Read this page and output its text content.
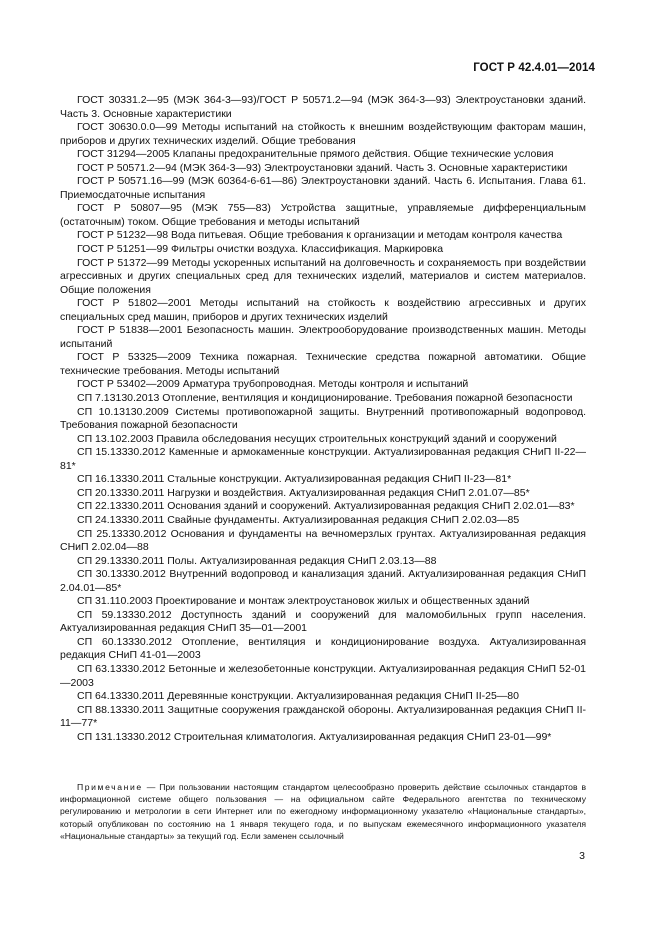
ГОСТ Р 42.4.01—2014

ГОСТ 30331.2—95 (МЭК 364-3—93)/ГОСТ Р 50571.2—94 (МЭК 364-3—93) Электроустановки зданий. Часть 3. Основные характеристики

ГОСТ 30630.0.0—99 Методы испытаний на стойкость к внешним воздействующим факторам машин, приборов и других технических изделий. Общие требования

ГОСТ 31294—2005 Клапаны предохранительные прямого действия. Общие технические условия

ГОСТ Р 50571.2—94 (МЭК 364-3—93) Электроустановки зданий. Часть 3. Основные характеристики

ГОСТ Р 50571.16—99 (МЭК 60364-6-61—86) Электроустановки зданий. Часть 6. Испытания. Глава 61. Приемосдаточные испытания

ГОСТ Р 50807—95 (МЭК 755—83) Устройства защитные, управляемые дифференциальным (остаточным) током. Общие требования и методы испытаний

ГОСТ Р 51232—98 Вода питьевая. Общие требования к организации и методам контроля качества

ГОСТ Р 51251—99 Фильтры очистки воздуха. Классификация. Маркировка

ГОСТ Р 51372—99 Методы ускоренных испытаний на долговечность и сохраняемость при воздействии агрессивных и других специальных сред для технических изделий, материалов и систем материалов. Общие положения

ГОСТ Р 51802—2001 Методы испытаний на стойкость к воздействию агрессивных и других специальных сред машин, приборов и других технических изделий

ГОСТ Р 51838—2001 Безопасность машин. Электрооборудование производственных машин. Методы испытаний

ГОСТ Р 53325—2009 Техника пожарная. Технические средства пожарной автоматики. Общие технические требования. Методы испытаний

ГОСТ Р 53402—2009 Арматура трубопроводная. Методы контроля и испытаний

СП 7.13130.2013 Отопление, вентиляция и кондиционирование. Требования пожарной безопасности

СП 10.13130.2009 Системы противопожарной защиты. Внутренний противопожарный водопровод. Требования пожарной безопасности

СП 13.102.2003 Правила обследования несущих строительных конструкций зданий и сооружений

СП 15.13330.2012 Каменные и армокаменные конструкции. Актуализированная редакция СНиП II-22—81*

СП 16.13330.2011 Стальные конструкции. Актуализированная редакция СНиП II-23—81*

СП 20.13330.2011 Нагрузки и воздействия. Актуализированная редакция СНиП 2.01.07—85*

СП 22.13330.2011 Основания зданий и сооружений. Актуализированная редакция СНиП 2.02.01—83*

СП 24.13330.2011 Свайные фундаменты. Актуализированная редакция СНиП 2.02.03—85

СП 25.13330.2012 Основания и фундаменты на вечномерзлых грунтах. Актуализированная редакция СНиП 2.02.04—88

СП 29.13330.2011 Полы. Актуализированная редакция СНиП 2.03.13—88

СП 30.13330.2012 Внутренний водопровод и канализация зданий. Актуализированная редакция СНиП 2.04.01—85*

СП 31.110.2003 Проектирование и монтаж электроустановок жилых и общественных зданий

СП 59.13330.2012 Доступность зданий и сооружений для маломобильных групп населения. Актуализированная редакция СНиП 35—01—2001

СП 60.13330.2012 Отопление, вентиляция и кондиционирование воздуха. Актуализированная редакция СНиП 41-01—2003

СП 63.13330.2012 Бетонные и железобетонные конструкции. Актуализированная редакция СНиП 52-01—2003

СП 64.13330.2011 Деревянные конструкции. Актуализированная редакция СНиП II-25—80

СП 88.13330.2011 Защитные сооружения гражданской обороны. Актуализированная редакция СНиП II-11—77*

СП 131.13330.2012 Строительная климатология. Актуализированная редакция СНиП 23-01—99*

Примечание — При пользовании настоящим стандартом целесообразно проверить действие ссылочных стандартов в информационной системе общего пользования — на официальном сайте Федерального агентства по техническому регулированию и метрологии в сети Интернет или по ежегодному информационному указателю «Национальные стандарты», который опубликован по состоянию на 1 января текущего года, и по выпускам ежемесячного информационного указателя «Национальные стандарты» за текущий год. Если заменен ссылочный
3
